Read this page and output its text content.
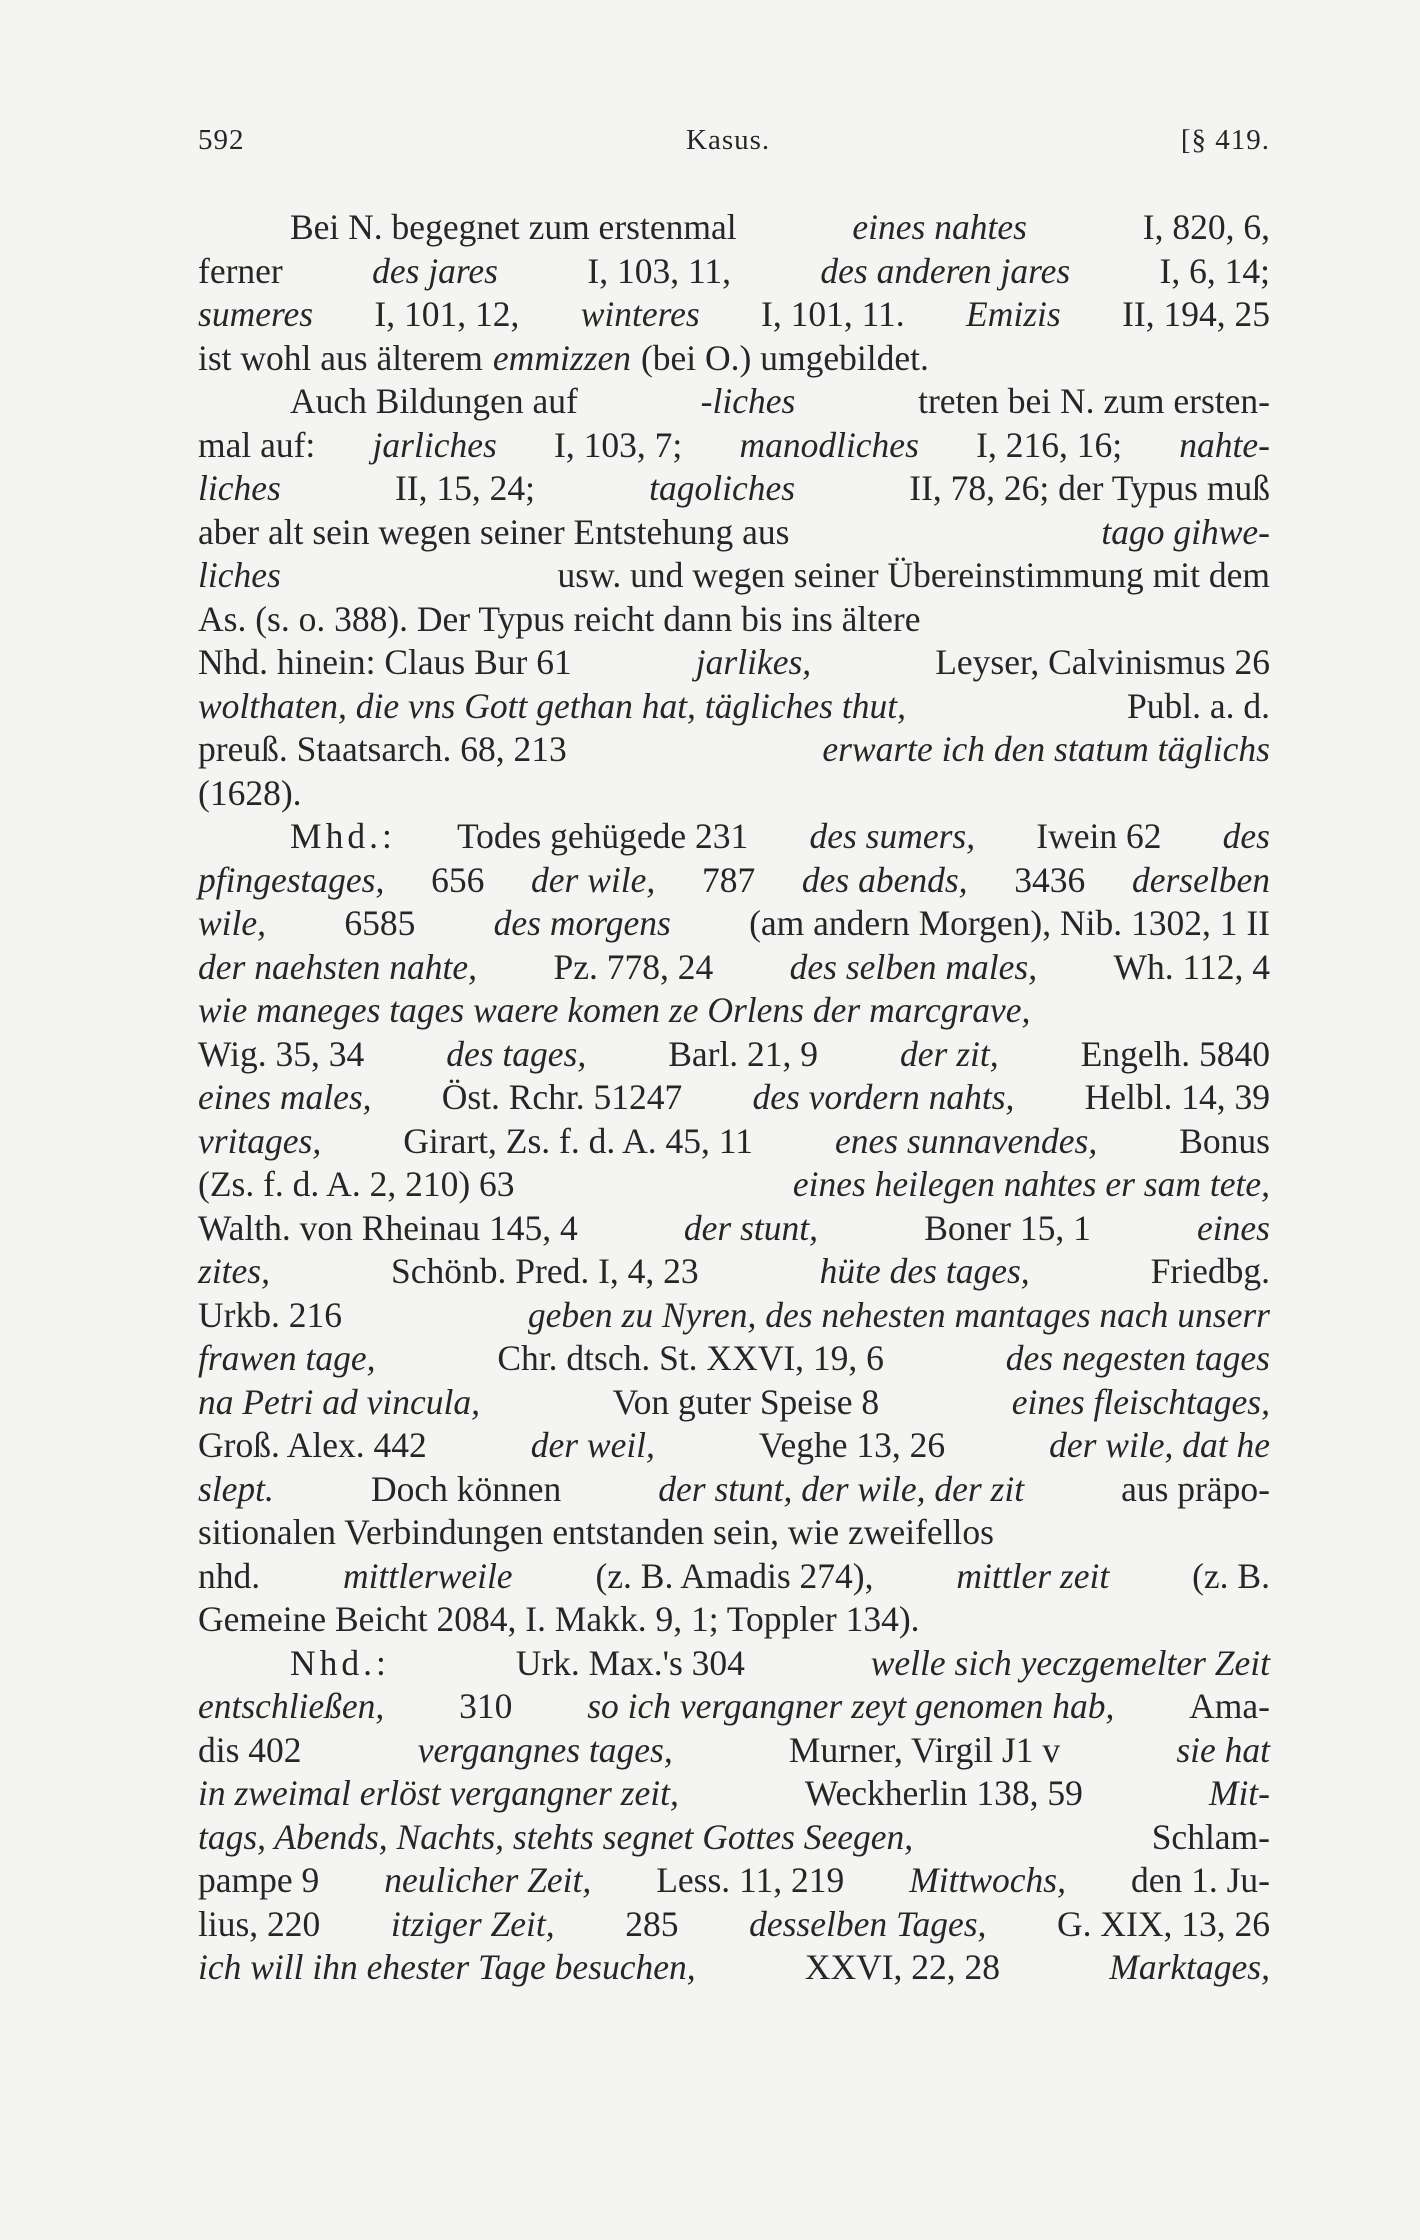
592	Kasus.	[§ 419.
Bei N. begegnet zum erstenmal	eines nahtes	I, 820, 6,
ferner	des jares	I, 103, 11,	des anderen jares	I, 6, 14;
sumeres I, 101, 12, winteres I, 101, 11. Emizis II, 194, 25
ist wohl aus älterem emmizzen (bei O.) umgebildet.
Auch Bildungen auf	-liches	treten bei N. zum ersten-
mal auf: jarliches I, 103, 7; manodliches I, 216, 16; nahte-
liches	II, 15, 24;	tagoliches	II, 78, 26; der Typus muß
aber alt sein wegen seiner Entstehung aus	tago gihwe-
liches	usw. und wegen seiner Übereinstimmung mit dem
As. (s. o. 388). Der Typus reicht dann bis ins ältere
Nhd. hinein: Claus Bur 61	jarlikes,	Leyser, Calvinismus 26
wolthaten, die vns Gott gethan hat, tägliches thut,	Publ. a. d.
preuß. Staatsarch. 68, 213	erwarte ich den statum täglichs
(1628).
Mhd.: Todes gehügede 231 des sumers, Iwein 62 des
pfingestages, 656 der wile, 787 des abends, 3436 derselben
wile, 6585 des morgens (am andern Morgen), Nib. 1302, 1 II
der naehsten nahte, Pz. 778, 24 des selben males, Wh. 112, 4
wie maneges tages waere komen ze Orlens der marcgrave,
Wig. 35, 34 des tages, Barl. 21, 9 der zit, Engelh. 5840
eines males, Öst. Rchr. 51247 des vordern nahts, Helbl. 14, 39
vritages, Girart, Zs. f. d. A. 45, 11 enes sunnavendes, Bonus
(Zs. f. d. A. 2, 210) 63	eines heilegen nahtes er sam tete,
Walth. von Rheinau 145, 4	der stunt,	Boner 15, 1	eines
zites,	Schönb. Pred. I, 4, 23	hüte des tages,	Friedbg.
Urkb. 216	geben zu Nyren, des nehesten mantages nach unserr
frawen tage,	Chr. dtsch. St. XXVI, 19, 6	des negesten tages
na Petri ad vincula,	Von guter Speise 8	eines fleischtages,
Groß. Alex. 442	der weil,	Veghe 13, 26	der wile, dat he
slept.	Doch können	der stunt, der wile, der zit	aus präpo-
sitionalen Verbindungen entstanden sein, wie zweifellos
nhd. mittlerweile (z. B. Amadis 274), mittler zeit (z. B.
Gemeine Beicht 2084, I. Makk. 9, 1; Toppler 134).
Nhd.:	Urk. Max.'s 304	welle sich yeczgemelter Zeit
entschließen, 310 so ich vergangner zeyt genomen hab, Ama-
dis 402	vergangnes tages,	Murner, Virgil J1 v	sie hat
in zweimal erlöst vergangner zeit,	Weckherlin 138, 59	Mit-
tags, Abends, Nachts, stehts segnet Gottes Seegen,	Schlam-
pampe 9 neulicher Zeit, Less. 11, 219 Mittwochs, den 1. Ju-
lius, 220 itziger Zeit, 285 desselben Tages, G. XIX, 13, 26
ich will ihn ehester Tage besuchen,	XXVI, 22, 28	Marktages,
